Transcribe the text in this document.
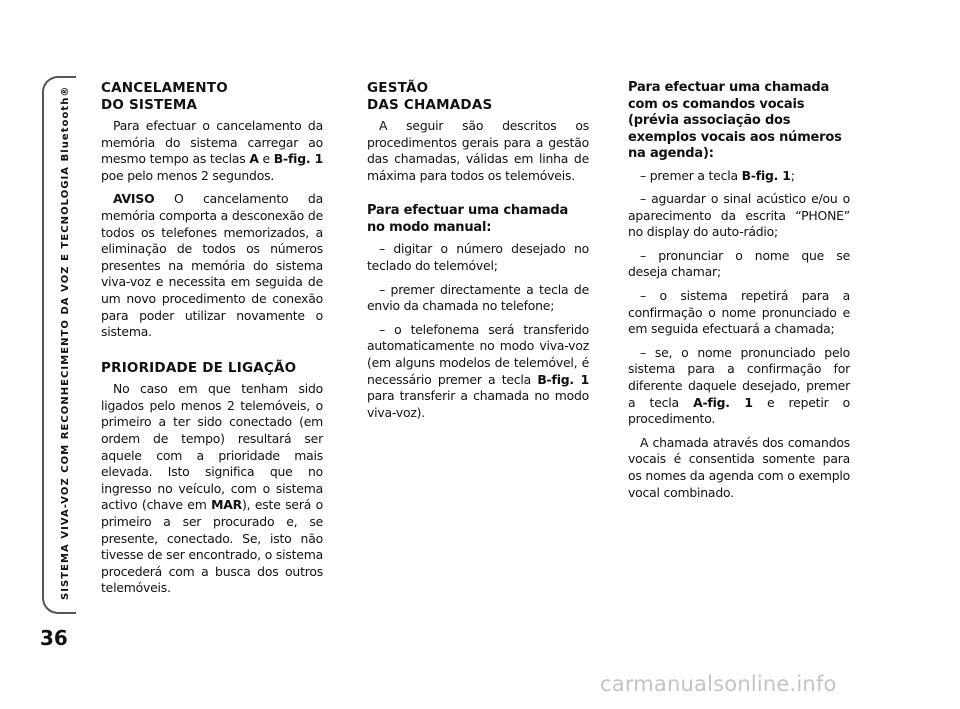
SISTEMA VIVA-VOZ COM RECONHECIMENTO DA VOZ E TECNOLOGIA Bluetooth®
36
CANCELAMENTO
DO SISTEMA

Para efectuar o cancelamento da memória do sistema carregar ao mesmo tempo as teclas A e B-fig. 1 poe pelo menos 2 segundos.

AVISO O cancelamento da memória comporta a desconexão de todos os telefones memorizados, a eliminação de todos os números presentes na memória do sistema viva-voz e necessita em seguida de um novo procedimento de conexão para poder utilizar novamente o sistema.

PRIORIDADE DE LIGAÇÃO

No caso em que tenham sido ligados pelo menos 2 telemóveis, o primeiro a ter sido conectado (em ordem de tempo) resultará ser aquele com a prioridade mais elevada. Isto significa que no ingresso no veículo, com o sistema activo (chave em MAR), este será o primeiro a ser procurado e, se presente, conectado. Se, isto não tivesse de ser encontrado, o sistema procederá com a busca dos outros telemóveis.

GESTÃO
DAS CHAMADAS

A seguir são descritos os procedimentos gerais para a gestão das chamadas, válidas em linha de máxima para todos os telemóveis.

Para efectuar uma chamada
no modo manual:

– digitar o número desejado no teclado do telemóvel;

– premer directamente a tecla de envio da chamada no telefone;

– o telefonema será transferido automaticamente no modo viva-voz (em alguns modelos de telemóvel, é necessário premer a tecla B-fig. 1 para transferir a chamada no modo viva-voz).

Para efectuar uma chamada
com os comandos vocais
(prévia associação dos
exemplos vocais aos números
na agenda):

– premer a tecla B-fig. 1;

– aguardar o sinal acústico e/ou o aparecimento da escrita “PHONE” no display do auto-rádio;

– pronunciar o nome que se deseja chamar;

– o sistema repetirá para a confirmação o nome pronunciado e em seguida efectuará a chamada;

– se, o nome pronunciado pelo sistema para a confirmação for diferente daquele desejado, premer a tecla A-fig. 1 e repetir o procedimento.

A chamada através dos comandos vocais é consentida somente para os nomes da agenda com o exemplo vocal combinado.

carmanualsonline.info
